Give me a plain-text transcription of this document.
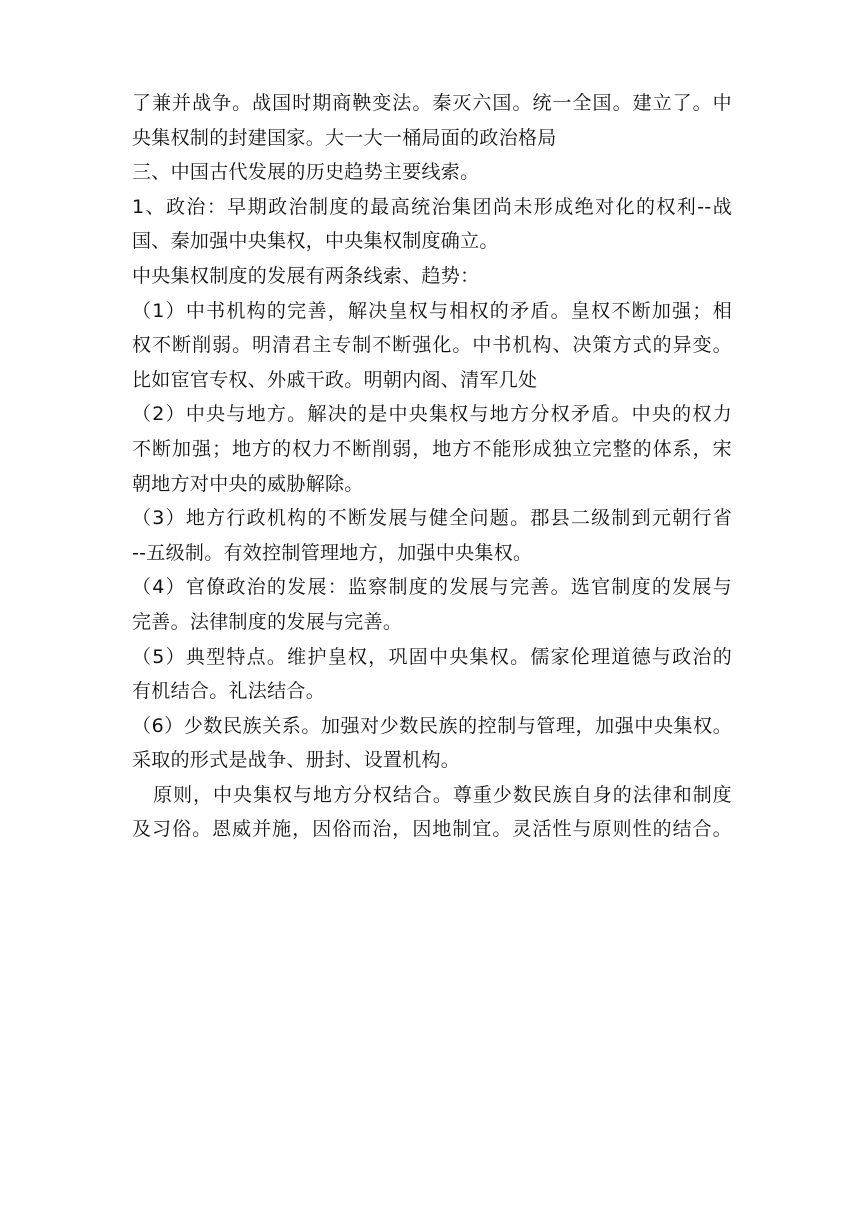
了兼并战争。战国时期商鞅变法。秦灭六国。统一全国。建立了。中
央集权制的封建国家。大一大一桶局面的政治格局
三、中国古代发展的历史趋势主要线索。
1、政治：早期政治制度的最高统治集团尚未形成绝对化的权利--战
国、秦加强中央集权，中央集权制度确立。
中央集权制度的发展有两条线索、趋势：
（1）中书机构的完善，解决皇权与相权的矛盾。皇权不断加强；相
权不断削弱。明清君主专制不断强化。中书机构、决策方式的异变。
比如宦官专权、外戚干政。明朝内阁、清军几处
（2）中央与地方。解决的是中央集权与地方分权矛盾。中央的权力
不断加强；地方的权力不断削弱，地方不能形成独立完整的体系，宋
朝地方对中央的威胁解除。
（3）地方行政机构的不断发展与健全问题。郡县二级制到元朝行省
--五级制。有效控制管理地方，加强中央集权。
（4）官僚政治的发展：监察制度的发展与完善。选官制度的发展与
完善。法律制度的发展与完善。
（5）典型特点。维护皇权，巩固中央集权。儒家伦理道德与政治的
有机结合。礼法结合。
（6）少数民族关系。加强对少数民族的控制与管理，加强中央集权。
采取的形式是战争、册封、设置机构。
原则，中央集权与地方分权结合。尊重少数民族自身的法律和制度
及习俗。恩威并施，因俗而治，因地制宜。灵活性与原则性的结合。
